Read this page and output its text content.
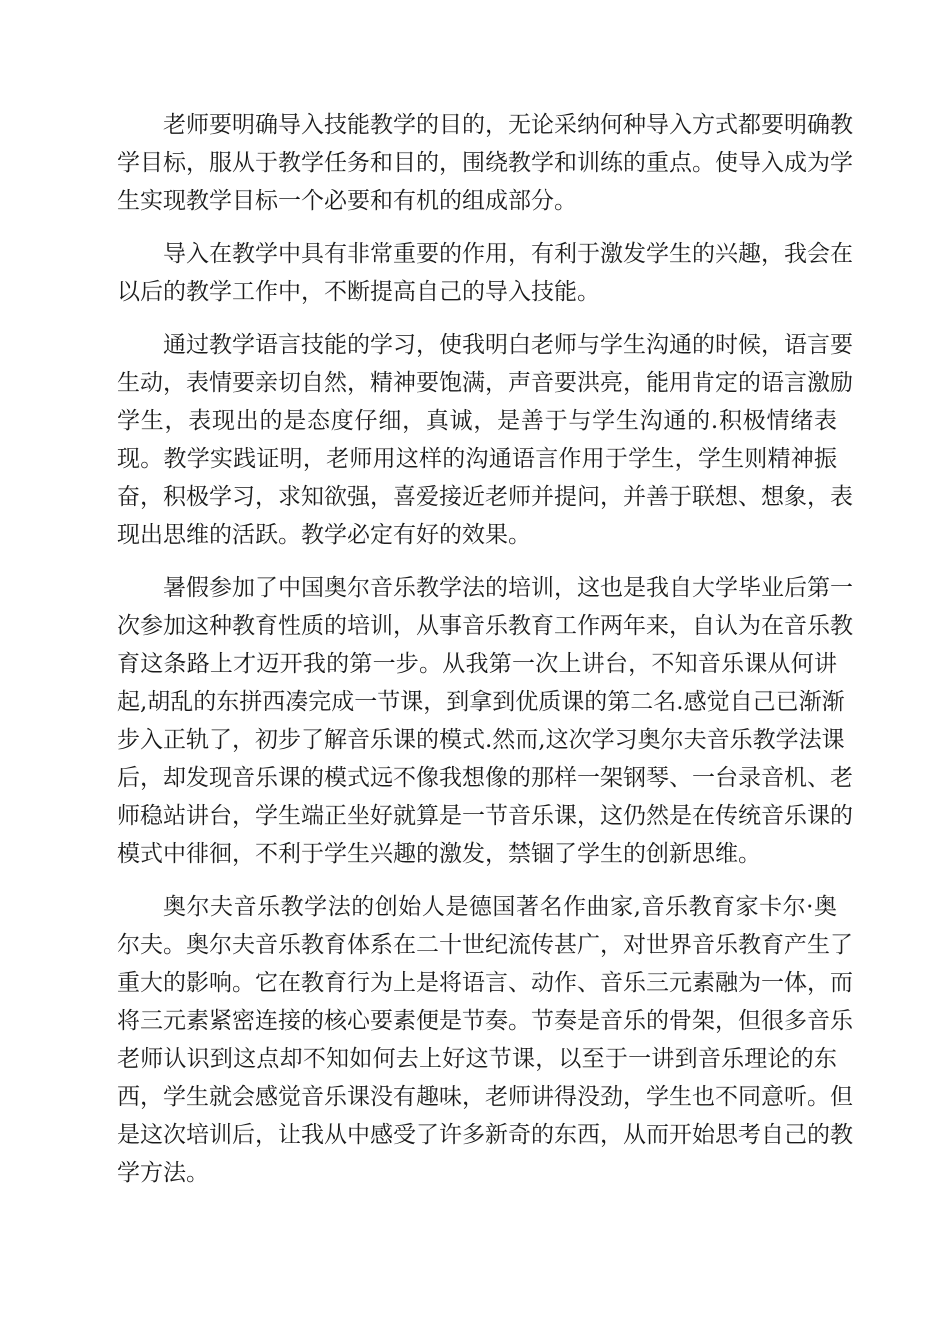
老师要明确导入技能教学的目的，无论采纳何种导入方式都要明确教
学目标，服从于教学任务和目的，围绕教学和训练的重点。使导入成为学
生实现教学目标一个必要和有机的组成部分。
导入在教学中具有非常重要的作用，有利于激发学生的兴趣，我会在
以后的教学工作中，不断提高自己的导入技能。
通过教学语言技能的学习，使我明白老师与学生沟通的时候，语言要
生动，表情要亲切自然，精神要饱满，声音要洪亮，能用肯定的语言激励
学生，表现出的是态度仔细，真诚，是善于与学生沟通的.积极情绪表
现。教学实践证明，老师用这样的沟通语言作用于学生，学生则精神振
奋，积极学习，求知欲强，喜爱接近老师并提问，并善于联想、想象，表
现出思维的活跃。教学必定有好的效果。
暑假参加了中国奥尔音乐教学法的培训，这也是我自大学毕业后第一
次参加这种教育性质的培训，从事音乐教育工作两年来，自认为在音乐教
育这条路上才迈开我的第一步。从我第一次上讲台，不知音乐课从何讲
起,胡乱的东拼西凑完成一节课，到拿到优质课的第二名.感觉自己已渐渐
步入正轨了，初步了解音乐课的模式.然而,这次学习奥尔夫音乐教学法课
后，却发现音乐课的模式远不像我想像的那样一架钢琴、一台录音机、老
师稳站讲台，学生端正坐好就算是一节音乐课，这仍然是在传统音乐课的
模式中徘徊，不利于学生兴趣的激发，禁锢了学生的创新思维。
奥尔夫音乐教学法的创始人是德国著名作曲家,音乐教育家卡尔·奥
尔夫。奥尔夫音乐教育体系在二十世纪流传甚广，对世界音乐教育产生了
重大的影响。它在教育行为上是将语言、动作、音乐三元素融为一体，而
将三元素紧密连接的核心要素便是节奏。节奏是音乐的骨架，但很多音乐
老师认识到这点却不知如何去上好这节课，以至于一讲到音乐理论的东
西，学生就会感觉音乐课没有趣味，老师讲得没劲，学生也不同意听。但
是这次培训后，让我从中感受了许多新奇的东西，从而开始思考自己的教
学方法。
